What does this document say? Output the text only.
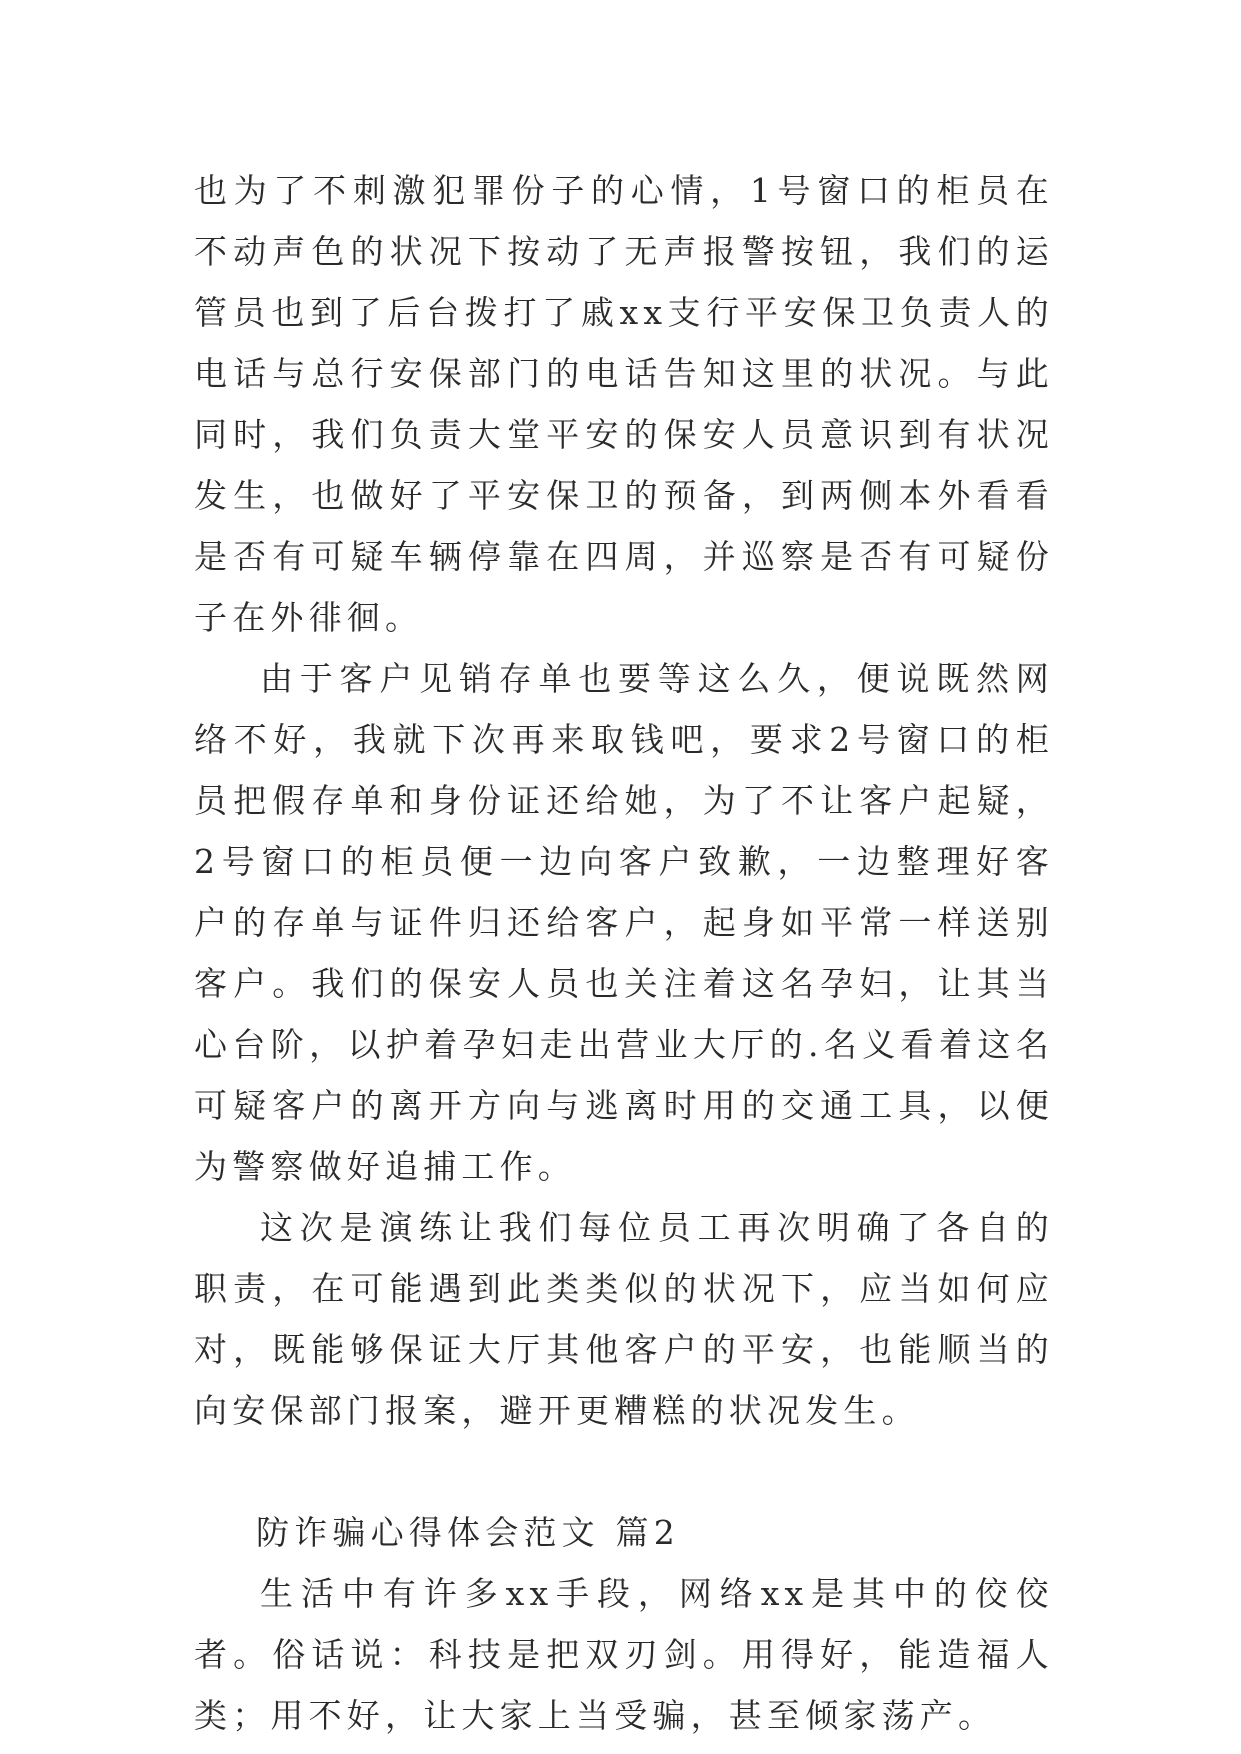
也为了不刺激犯罪份子的心情，1号窗口的柜员在不动声色的状况下按动了无声报警按钮，我们的运管员也到了后台拨打了戚xx支行平安保卫负责人的电话与总行安保部门的电话告知这里的状况。与此同时，我们负责大堂平安的保安人员意识到有状况发生，也做好了平安保卫的预备，到两侧本外看看是否有可疑车辆停靠在四周，并巡察是否有可疑份子在外徘徊。

由于客户见销存单也要等这么久，便说既然网络不好，我就下次再来取钱吧，要求2号窗口的柜员把假存单和身份证还给她，为了不让客户起疑，2号窗口的柜员便一边向客户致歉，一边整理好客户的存单与证件归还给客户，起身如平常一样送别客户。我们的保安人员也关注着这名孕妇，让其当心台阶，以护着孕妇走出营业大厅的.名义看着这名可疑客户的离开方向与逃离时用的交通工具，以便为警察做好追捕工作。

这次是演练让我们每位员工再次明确了各自的职责，在可能遇到此类类似的状况下，应当如何应对，既能够保证大厅其他客户的平安，也能顺当的向安保部门报案，避开更糟糕的状况发生。

防诈骗心得体会范文 篇2

生活中有许多xx手段，网络xx是其中的佼佼者。俗话说：科技是把双刃剑。用得好，能造福人类；用不好，让大家上当受骗，甚至倾家荡产。
